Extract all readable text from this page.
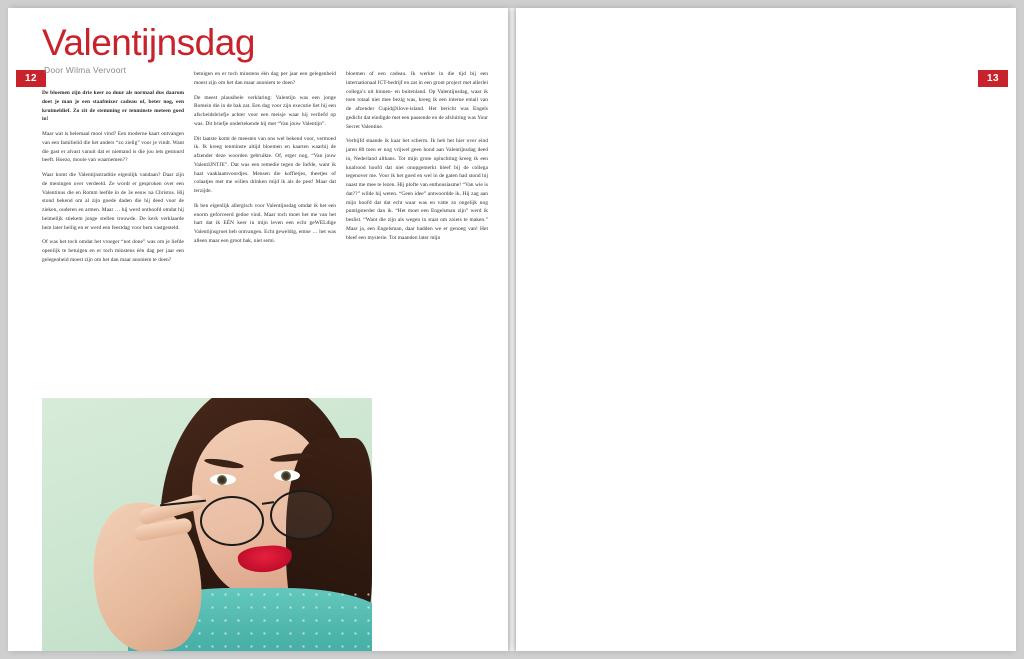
12
Valentijnsdag
Door Wilma Vervoort

De bloemen zijn drie keer zo duur als normaal dus daarom doet je man je een staafmixer cadeau of, beter nog, een kruimeldief. Zo zit de stemming er tenminste meteen goed in!

Maar wat is belemaal mooi vind? Een moderne kaart ontvangen van een familielid die het anders “zo zielig” voor je vindt. Want die gast er alvast vanuit dat er niemand is die jou iets gestuurd heeft. Hoezo, mooie van waarnemen??

Waar komt die Valentijnstraditie eigenlijk vandaan? Daar zijn de meningen over verdeeld. Ze wordt er gesproken over een Valentinus die en Romm leefde in de 3e eeuw na Christus. Hij stond bekend om al zijn goede daden die hij deed voor de zieken, ouderen en armen. Maar … hij werd onthoofd omdat hij heimelijk stiekem jonge stellen trouwde. De kerk verklaarde hem later heilig en er werd een feestdag voor hem vastgesteld.

Of was het toch omdat het vroeger “not done” was om je liefde openlijk te betuigen en er toch minstens één dag per jaar een gelegenheid moest zijn om het dan maar anoniem te doen?

betuigen en er toch minstens één dag per jaar een gelegenheid moest zijn om het dan maar anoniem te doen?

De meest plausibele verklaring: Valentijn was een jonge Romein die in de bak zat. Een dag voor zijn executie liet hij een afscheidsbriefje achter voor een meisje waar hij verliefd op was. Dit briefje ondertekende hij met “Van jouw Valentijn”.

Dit laatste komt de meesten van ons wel bekend voor, vermoed ik. Ik kreeg tenminste altijd bloemen en kaarten waarbij de afzender deze woorden gebruikte. Of, erger nog, “Van jouw ValentIJNTJE”. Dat was een remedie tegen de liefde, want ik haat vaaklaamvoordjes. Mensen die koffietjes, theetjes of colaatjes met me willen drinken mijd ik als de pest! Maar dat terzijde.

Ik ben eigenlijk allergisch voor Valentijnsdag omdat ik het een enorm geforceerd gedoe vind. Maar toch moet het me van het hart dat ik EÉN keer in mijn leven een echt geWELdige Valentijnsgroet heb ontvangen. Echt geweldig, emne … het was alleen maar een groot bak, niet semi.

bloemen of een cadeau. Ik werkte in die tijd bij een internationaal ICT-bedrijf en zat in een groot project met allerlei collega’s uit binnen- en buitenland. Op Valentijnsdag, waar ik toen totaal niet mee bezig was, kreeg ik een interne email van de afzender Cupid@ilove-island. Het bericht was Engels gedicht dat eindigde met een passende en de afsluiting was Your Secret Valentine.

Verbijfd staande ik kaar het scherm. Ik heb het hier over eind jaren 80 toen er nog vrijwel geen hond aan Valentijnsdag deed in, Nederland althans. Tot mijn grote opluchting kreeg ik een knalrood hoofd dat niet onopgemerkt bleef bij de collega tegenover me. Voor ik het goed en wel in de gaten had stond hij naast me mee te lezen. Hij plofte van enthousiasme! “Van wie is dat??” wilde hij weten. “Geen idee” antwoordde ik. Hij zag aan mijn hoofd dat dat echt waar was en vatte zo ongelijk nog puntigsterder dan ik. “Het moet een Engelsman zijn” werd ik beslist. “Want die zijn als wegen in staat om zoiets te maken.” Maar ja, een Engelsman, daar hadden we er genoeg van! Het bleef een mysterie. Tot maanden later mijn

13
